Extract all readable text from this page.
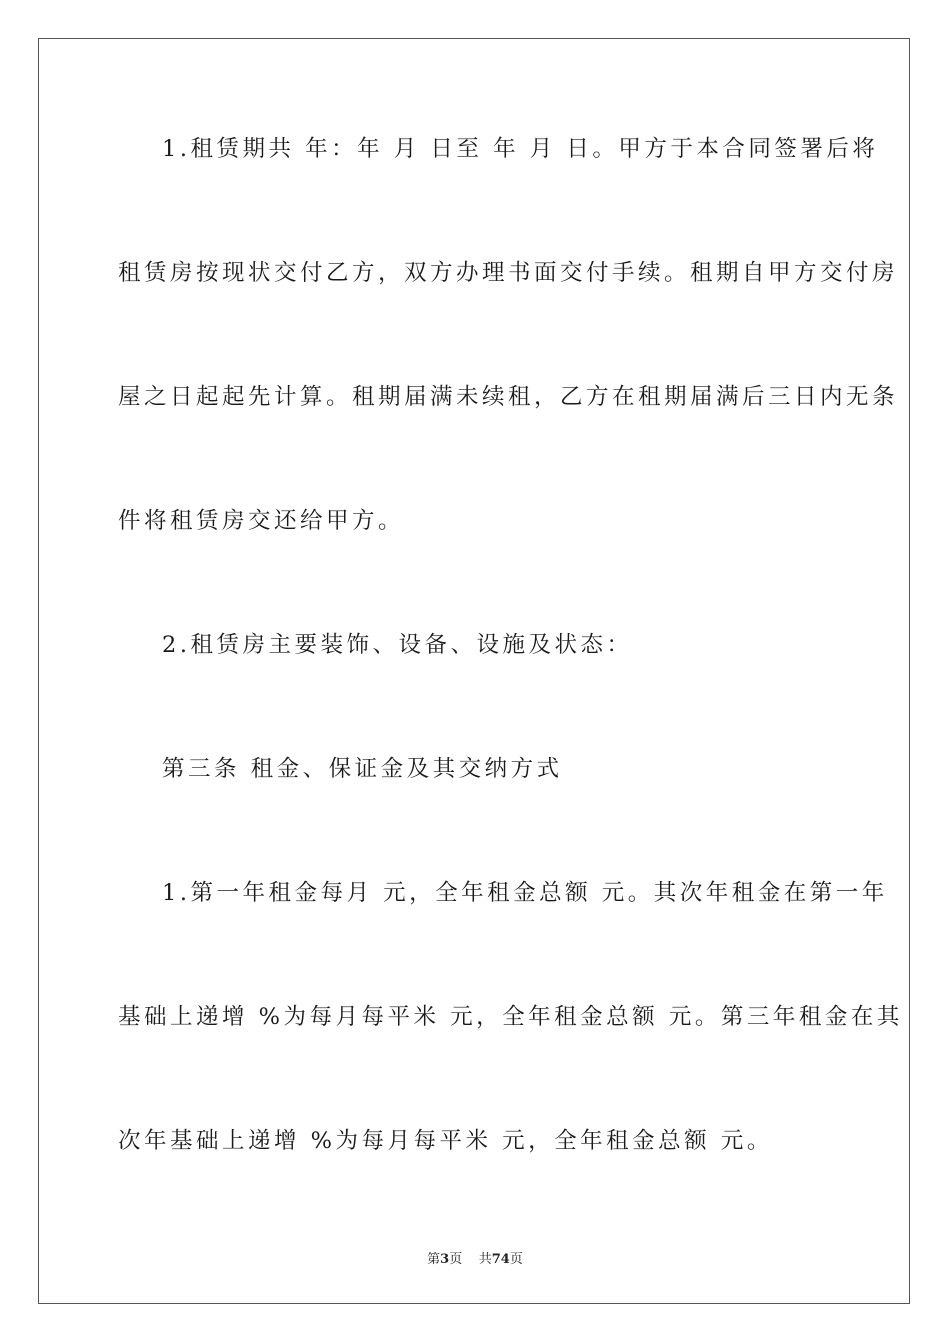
1.租赁期共 年：年 月 日至 年 月 日。甲方于本合同签署后将
租赁房按现状交付乙方，双方办理书面交付手续。租期自甲方交付房
屋之日起起先计算。租期届满未续租，乙方在租期届满后三日内无条
件将租赁房交还给甲方。
2.租赁房主要装饰、设备、设施及状态：
第三条 租金、保证金及其交纳方式
1.第一年租金每月 元，全年租金总额 元。其次年租金在第一年
基础上递增 %为每月每平米 元，全年租金总额 元。第三年租金在其
次年基础上递增 %为每月每平米 元，全年租金总额 元。
第3页 共74页
